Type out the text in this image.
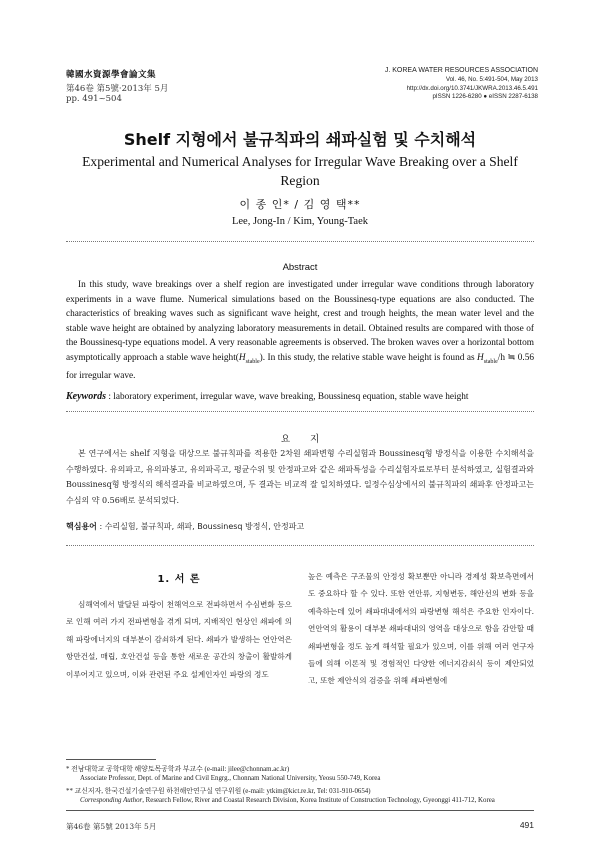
韓國水資源學會論文集
第46卷 第5號·2013年 5月
pp. 491~504
J. KOREA WATER RESOURCES ASSOCIATION
Vol. 46, No. 5:491-504, May 2013
http://dx.doi.org/10.3741/JKWRA.2013.46.5.491
pISSN 1226-6280 ● eISSN 2287-6138
Shelf 지형에서 불규칙파의 쇄파실험 및 수치해석
Experimental and Numerical Analyses for Irregular Wave Breaking over a Shelf Region
이 종 인* / 김 영 택**
Lee, Jong-In / Kim, Young-Taek
Abstract
In this study, wave breakings over a shelf region are investigated under irregular wave conditions through laboratory experiments in a wave flume. Numerical simulations based on the Boussinesq-type equations are also conducted. The characteristics of breaking waves such as significant wave height, crest and trough heights, the mean water level and the stable wave height are obtained by analyzing laboratory measurements in detail. Obtained results are compared with those of the Boussinesq-type equations model. A very reasonable agreements is observed. The broken waves over a horizontal bottom asymptotically approach a stable wave $height(H_{stable})$. In this study, the relative stable wave height is found as $H_{stable}/h$ ≒ 0.56 for irregular wave.
Keywords : laboratory experiment, irregular wave, wave breaking, Boussinesq equation, stable wave height
요지
본 연구에서는 shelf 지형을 대상으로 불규칙파를 적용한 2차원 쇄파변형 수리실험과 Boussinesq형 방정식을 이용한 수치해석을 수행하였다. 유의파고, 유의파봉고, 유의파곡고, 평균수위 및 안정파고와 같은 쇄파특성을 수리실험자료로부터 분석하였고, 실험결과와 Boussinesq형 방정식의 해석결과를 비교하였으며, 두 결과는 비교적 잘 일치하였다. 일정수심상에서의 불규칙파의 쇄파후 안정파고는 수심의 약 0.56배로 분석되었다.
핵심용어 : 수리실험, 불규칙파, 쇄파, Boussinesq 방정식, 안정파고
1. 서 론

심해역에서 발달된 파랑이 천해역으로 전파하면서 수심변화 등으로 인해 여러 가지 전파변형을 겪게 되며, 지배적인 현상인 쇄파에 의해 파랑에너지의 대부분이 감쇠하게 된다. 쇄파가 발생하는 연안역은 항만건설, 매립, 호안건설 등을 통한 새로운 공간의 창출이 활발하게 이루어지고 있으며, 이와 관련된 주요 설계인자인 파랑의 정도

높은 예측은 구조물의 안정성 확보뿐만 아니라 경제성 확보측면에서도 중요하다 할 수 있다. 또한 연안류, 지형변동, 해안선의 변화 등을 예측하는데 있어 쇄파대내에서의 파랑변형 해석은 주요한 인자이다. 연안역의 활용이 대부분 쇄파대내의 영역을 대상으로 함을 감안할 때 쇄파변형을 정도 높게 해석할 필요가 있으며, 이를 위해 여러 연구자들에 의해 이론적 및 경험적인 다양한 에너지감쇠식 등이 제안되었고, 또한 제안식의 검증을 위해 쇄파변형에

* 전남대학교 공학대학 해양토목공학과 부교수 (e-mail: jilee@chonnam.ac.kr)
Associate Professor, Dept. of Marine and Civil Engrg., Chonnam National University, Yeosu 550-749, Korea
** 교신저자, 한국건설기술연구원 하천해안연구실 연구위원 (e-mail: ytkim@kict.re.kr, Tel: 031-910-0654)
Corresponding Author, Research Fellow, River and Coastal Research Division, Korea Institute of Construction Technology, Gyeonggi 411-712, Korea
第46卷 第5號 2013年 5月	491
